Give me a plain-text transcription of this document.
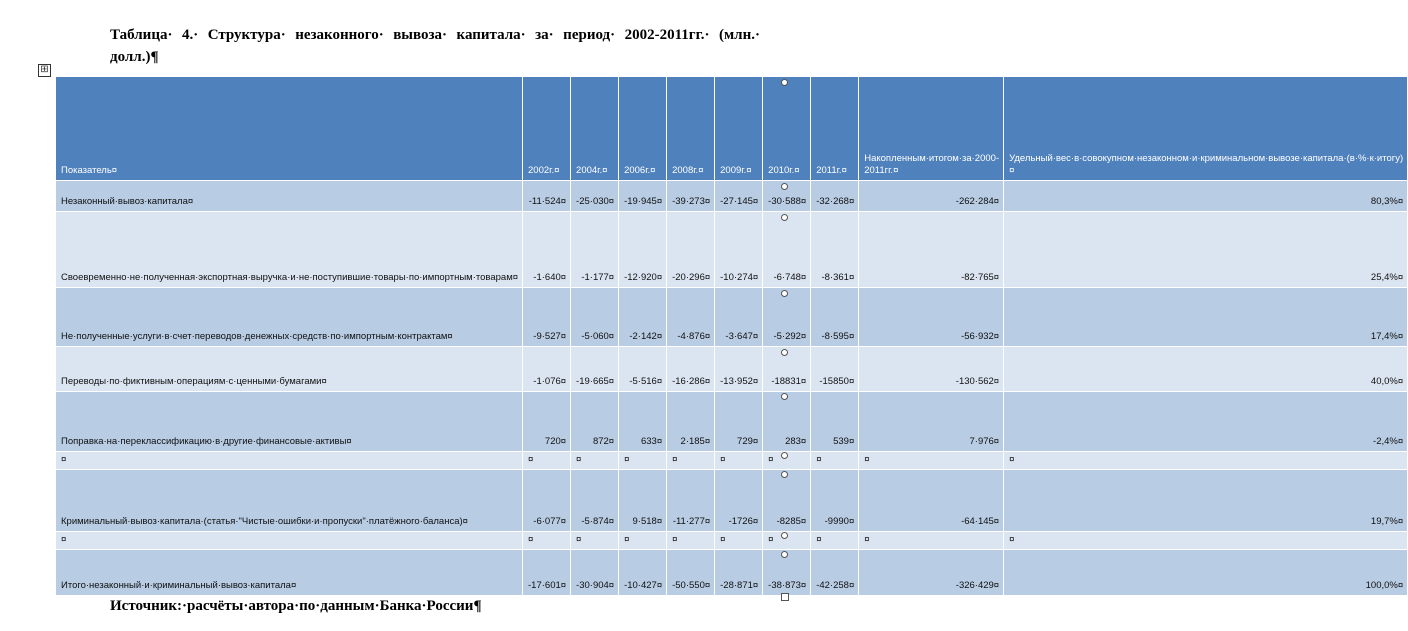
Таблица· 4.· Структура· незаконного· вывоза· капитала· за· период· 2002-2011гг.· (млн.· долл.)¶
⊞
Показатель¤	2002г.¤	2004г.¤	2006г.¤	2008г.¤	2009г.¤	2010г.¤	2011г.¤	Накопленным·итогом·за·2000-2011гг.¤	Удельный·вес·в·совокупном·незаконном·и·криминальном·вывозе·капитала·(в·%·к·итогу)¤
Незаконный·вывоз·капитала¤	-11·524¤	-25·030¤	-19·945¤	-39·273¤	-27·145¤	-30·588¤	-32·268¤	-262·284¤	80,3%¤
Своевременно·не·полученная·экспортная·выручка·и·не·поступившие·товары·по·импортным·товарам¤	-1·640¤	-1·177¤	-12·920¤	-20·296¤	-10·274¤	-6·748¤	-8·361¤	-82·765¤	25,4%¤
Не·полученные·услуги·в·счет·переводов·денежных·средств·по·импортным·контрактам¤	-9·527¤	-5·060¤	-2·142¤	-4·876¤	-3·647¤	-5·292¤	-8·595¤	-56·932¤	17,4%¤
Переводы·по·фиктивным·операциям·с·ценными·бумагами¤	-1·076¤	-19·665¤	-5·516¤	-16·286¤	-13·952¤	-18831¤	-15850¤	-130·562¤	40,0%¤
Поправка·на·переклассификацию·в·другие·финансовые·активы¤	720¤	872¤	633¤	2·185¤	729¤	283¤	539¤	7·976¤	-2,4%¤
¤	¤	¤	¤	¤	¤	¤	¤	¤	¤
Криминальный·вывоз·капитала·(статья·"Чистые·ошибки·и·пропуски"·платёжного·баланса)¤	-6·077¤	-5·874¤	9·518¤	-11·277¤	-1726¤	-8285¤	-9990¤	-64·145¤	19,7%¤
¤	¤	¤	¤	¤	¤	¤	¤	¤	¤
Итого·незаконный·и·криминальный·вывоз·капитала¤	-17·601¤	-30·904¤	-10·427¤	-50·550¤	-28·871¤	-38·873¤	-42·258¤	-326·429¤	100,0%¤
Источник:·расчёты·автора·по·данным·Банка·России¶
